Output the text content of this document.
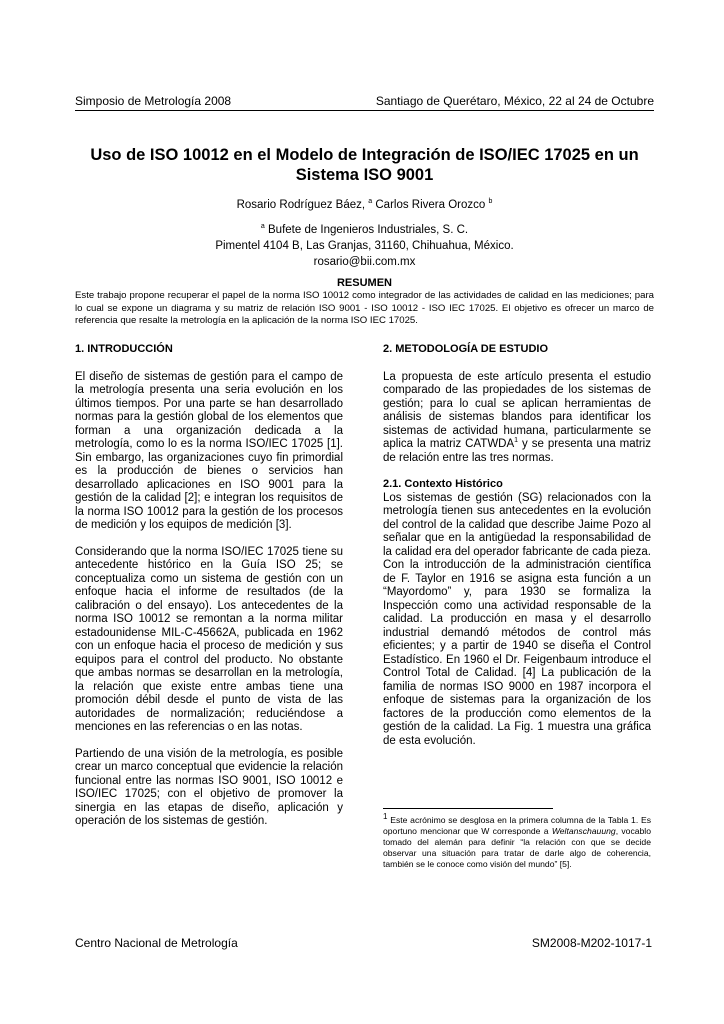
Simposio de Metrología 2008	Santiago de Querétaro, México, 22 al 24 de Octubre
Uso de ISO 10012 en el Modelo de Integración de ISO/IEC 17025 en un Sistema ISO 9001
Rosario Rodríguez Báez, $^a$ Carlos Rivera Orozco $^b$
$^a$ Bufete de Ingenieros Industriales, S. C.
Pimentel 4104 B, Las Granjas, 31160, Chihuahua, México.
rosario@bii.com.mx
RESUMEN
Este trabajo propone recuperar el papel de la norma ISO 10012 como integrador de las actividades de calidad en las mediciones; para lo cual se expone un diagrama y su matriz de relación ISO 9001 - ISO 10012 - ISO IEC 17025. El objetivo es ofrecer un marco de referencia que resalte la metrología en la aplicación de la norma ISO IEC 17025.

1. INTRODUCCIÓN

El diseño de sistemas de gestión para el campo de la metrología presenta una seria evolución en los últimos tiempos. Por una parte se han desarrollado normas para la gestión global de los elementos que forman a una organización dedicada a la metrología, como lo es la norma ISO/IEC 17025 [1]. Sin embargo, las organizaciones cuyo fin primordial es la producción de bienes o servicios han desarrollado aplicaciones en ISO 9001 para la gestión de la calidad [2]; e integran los requisitos de la norma ISO 10012 para la gestión de los procesos de medición y los equipos de medición [3].

Considerando que la norma ISO/IEC 17025 tiene su antecedente histórico en la Guía ISO 25; se conceptualiza como un sistema de gestión con un enfoque hacia el informe de resultados (de la calibración o del ensayo). Los antecedentes de la norma ISO 10012 se remontan a la norma militar estadounidense MIL-C-45662A, publicada en 1962 con un enfoque hacia el proceso de medición y sus equipos para el control del producto. No obstante que ambas normas se desarrollan en la metrología, la relación que existe entre ambas tiene una promoción débil desde el punto de vista de las autoridades de normalización; reduciéndose a menciones en las referencias o en las notas.

Partiendo de una visión de la metrología, es posible crear un marco conceptual que evidencie la relación funcional entre las normas ISO 9001, ISO 10012 e ISO/IEC 17025; con el objetivo de promover la sinergia en las etapas de diseño, aplicación y operación de los sistemas de gestión.

2. METODOLOGÍA DE ESTUDIO

La propuesta de este artículo presenta el estudio comparado de las propiedades de los sistemas de gestión; para lo cual se aplican herramientas de análisis de sistemas blandos para identificar los sistemas de actividad humana, particularmente se aplica la matriz CATWDA$^1$ y se presenta una matriz de relación entre las tres normas.

2.1. Contexto Histórico

Los sistemas de gestión (SG) relacionados con la metrología tienen sus antecedentes en la evolución del control de la calidad que describe Jaime Pozo al señalar que en la antigüedad la responsabilidad de la calidad era del operador fabricante de cada pieza. Con la introducción de la administración científica de F. Taylor en 1916 se asigna esta función a un “Mayordomo” y, para 1930 se formaliza la Inspección como una actividad responsable de la calidad. La producción en masa y el desarrollo industrial demandó métodos de control más eficientes; y a partir de 1940 se diseña el Control Estadístico. En 1960 el Dr. Feigenbaum introduce el Control Total de Calidad. [4] La publicación de la familia de normas ISO 9000 en 1987 incorpora el enfoque de sistemas para la organización de los factores de la producción como elementos de la gestión de la calidad. La Fig. 1 muestra una gráfica de esta evolución.

$^1$ Este acrónimo se desglosa en la primera columna de la Tabla 1. Es oportuno mencionar que W corresponde a Weltanschauung, vocablo tomado del alemán para definir “la relación con que se decide observar una situación para tratar de darle algo de coherencia, también se le conoce como visión del mundo” [5].
Centro Nacional de Metrología	SM2008-M202-1017-1
